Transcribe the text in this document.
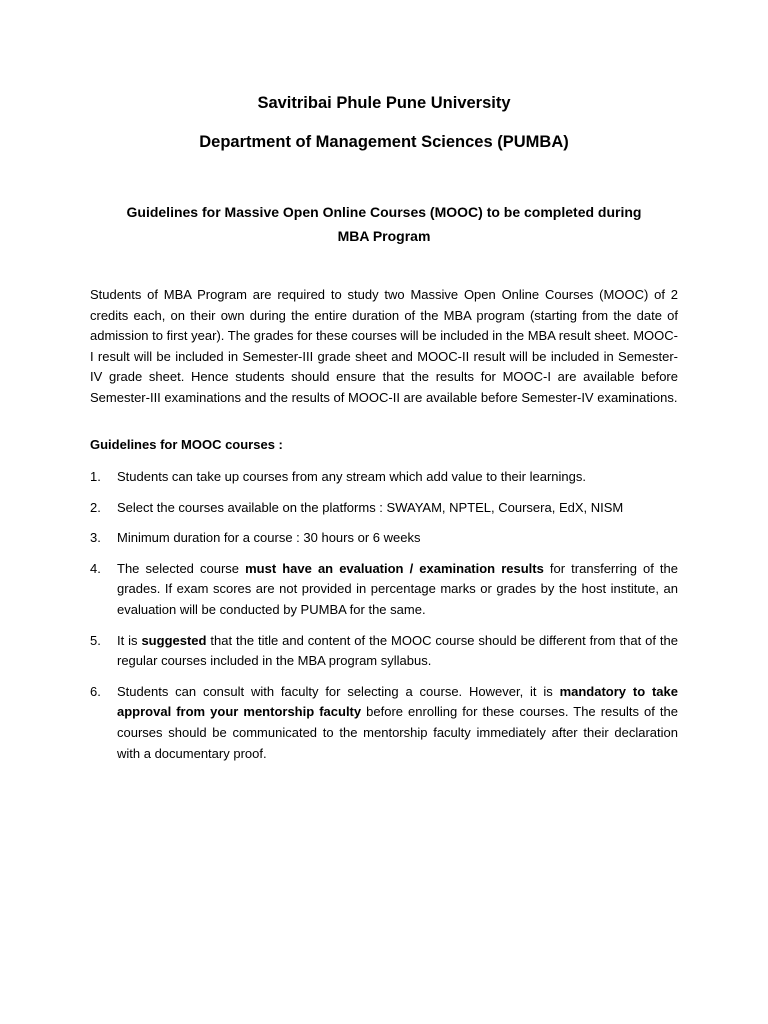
Savitribai Phule Pune University
Department of Management Sciences (PUMBA)
Guidelines for Massive Open Online Courses (MOOC) to be completed during
MBA Program

Students of MBA Program are required to study two Massive Open Online Courses (MOOC) of 2 credits each, on their own during the entire duration of the MBA program (starting from the date of admission to first year). The grades for these courses will be included in the MBA result sheet. MOOC-I result will be included in Semester-III grade sheet and MOOC-II result will be included in Semester-IV grade sheet. Hence students should ensure that the results for MOOC-I are available before Semester-III examinations and the results of MOOC-II are available before Semester-IV examinations.

Guidelines for MOOC courses :

1. Students can take up courses from any stream which add value to their learnings.
2. Select the courses available on the platforms : SWAYAM, NPTEL, Coursera, EdX, NISM
3. Minimum duration for a course : 30 hours or 6 weeks
4. The selected course must have an evaluation / examination results for transferring of the grades. If exam scores are not provided in percentage marks or grades by the host institute, an evaluation will be conducted by PUMBA for the same.
5. It is suggested that the title and content of the MOOC course should be different from that of the regular courses included in the MBA program syllabus.
6. Students can consult with faculty for selecting a course. However, it is mandatory to take approval from your mentorship faculty before enrolling for these courses. The results of the courses should be communicated to the mentorship faculty immediately after their declaration with a documentary proof.
